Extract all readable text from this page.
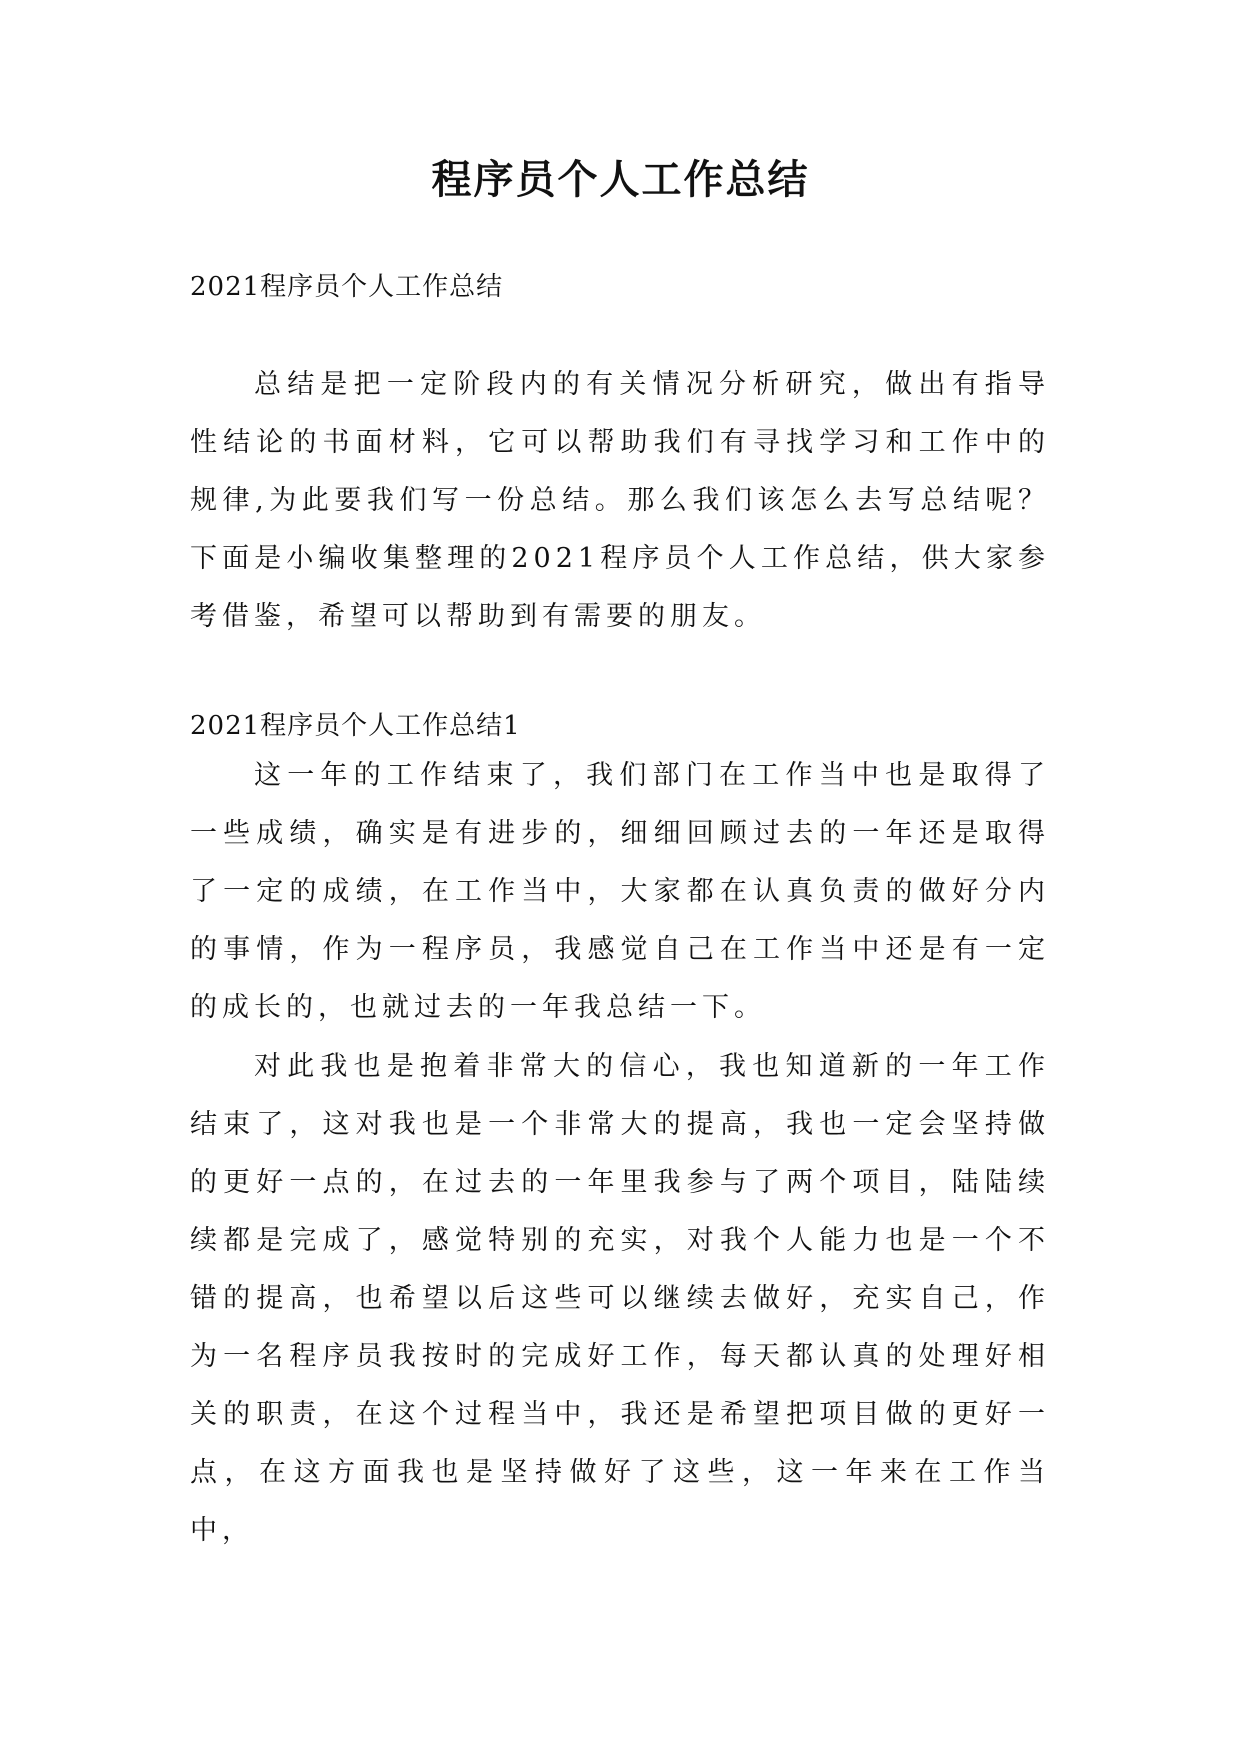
程序员个人工作总结

2021程序员个人工作总结

总结是把一定阶段内的有关情况分析研究，做出有指导性结论的书面材料，它可以帮助我们有寻找学习和工作中的规律,为此要我们写一份总结。那么我们该怎么去写总结呢？下面是小编收集整理的2021程序员个人工作总结，供大家参考借鉴，希望可以帮助到有需要的朋友。

2021程序员个人工作总结1

这一年的工作结束了，我们部门在工作当中也是取得了一些成绩，确实是有进步的，细细回顾过去的一年还是取得了一定的成绩，在工作当中，大家都在认真负责的做好分内的事情，作为一程序员，我感觉自己在工作当中还是有一定的成长的，也就过去的一年我总结一下。

对此我也是抱着非常大的信心，我也知道新的一年工作结束了，这对我也是一个非常大的提高，我也一定会坚持做的更好一点的，在过去的一年里我参与了两个项目，陆陆续续都是完成了，感觉特别的充实，对我个人能力也是一个不错的提高，也希望以后这些可以继续去做好，充实自己，作为一名程序员我按时的完成好工作，每天都认真的处理好相关的职责，在这个过程当中，我还是希望把项目做的更好一点，在这方面我也是坚持做好了这些，这一年来在工作当中，
